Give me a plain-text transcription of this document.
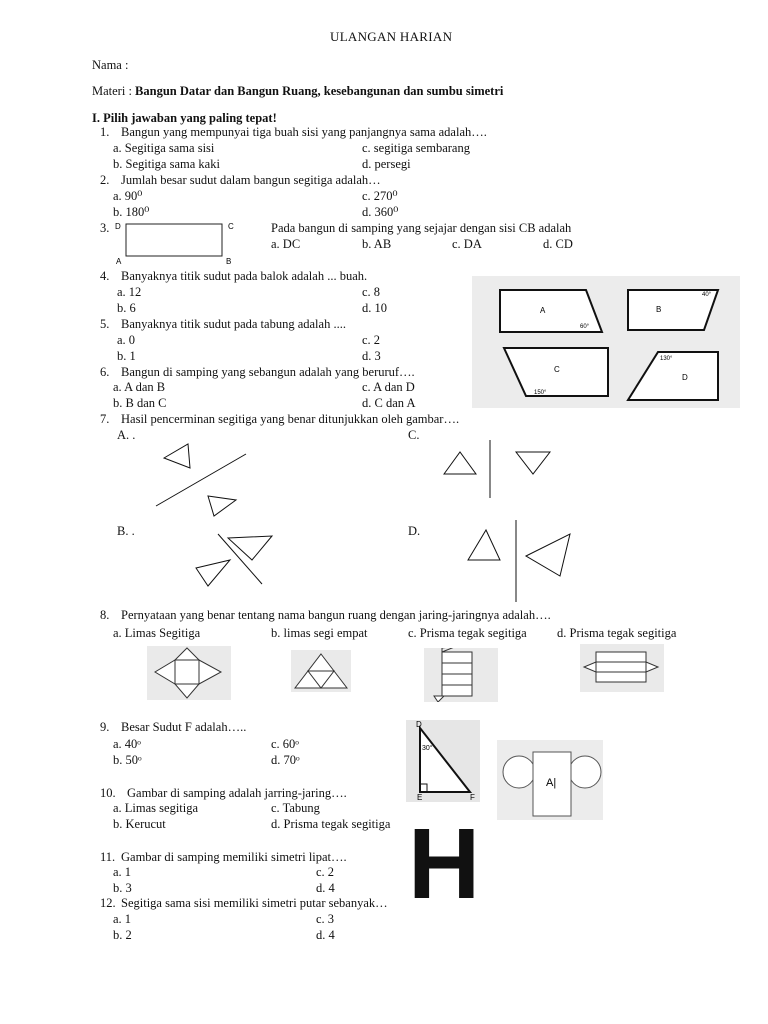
ULANGAN HARIAN
Nama :
Materi : Bangun Datar dan Bangun Ruang, kesebangunan dan sumbu simetri
I. Pilih jawaban yang paling tepat!
1. Bangun yang mempunyai tiga buah sisi yang panjangnya sama adalah….
a. Segitiga sama sisi	c. segitiga sembarang
b. Segitiga sama kaki	d. persegi
2. Jumlah besar sudut dalam bangun segitiga adalah…
a. 90⁰	c. 270⁰
b. 180⁰	d. 360⁰
3. D	C
A	B
Pada bangun di samping yang sejajar dengan sisi CB adalah
a. DC	b. AB	c. DA	d. CD
4. Banyaknya titik sudut pada balok adalah ... buah.
a. 12	c. 8
b. 6	d. 10	A
60°
B
40°
C
150°
D
130°
5. Banyaknya titik sudut pada tabung adalah ....
a. 0	c. 2
b. 1	d. 3
6. Bangun di samping yang sebangun adalah yang beruruf….
a. A dan B	c. A dan D
b. B dan C	d. C dan A
7. Hasil pencerminan segitiga yang benar ditunjukkan oleh gambar….
A. .	C.
B. .	D.
8. Pernyataan yang benar tentang nama bangun ruang dengan jaring-jaringnya adalah….
a. Limas Segitiga	b. limas segi empat	c. Prisma tegak segitiga d. Prisma tegak segitiga
9. Besar Sudut F adalah…..
a. 40ᵒ	c. 60ᵒ
b. 50ᵒ	d. 70ᵒ
D
E	F
30°
A|
10. Gambar di samping adalah jarring-jaring….
a. Limas segitiga	c. Tabung
b. Kerucut	d. Prisma tegak segitiga
11. Gambar di samping memiliki simetri lipat….
a. 1	c. 2
b. 3	d. 4 H
12. Segitiga sama sisi memiliki simetri putar sebanyak…
a. 1	c. 3
b. 2	d. 4
